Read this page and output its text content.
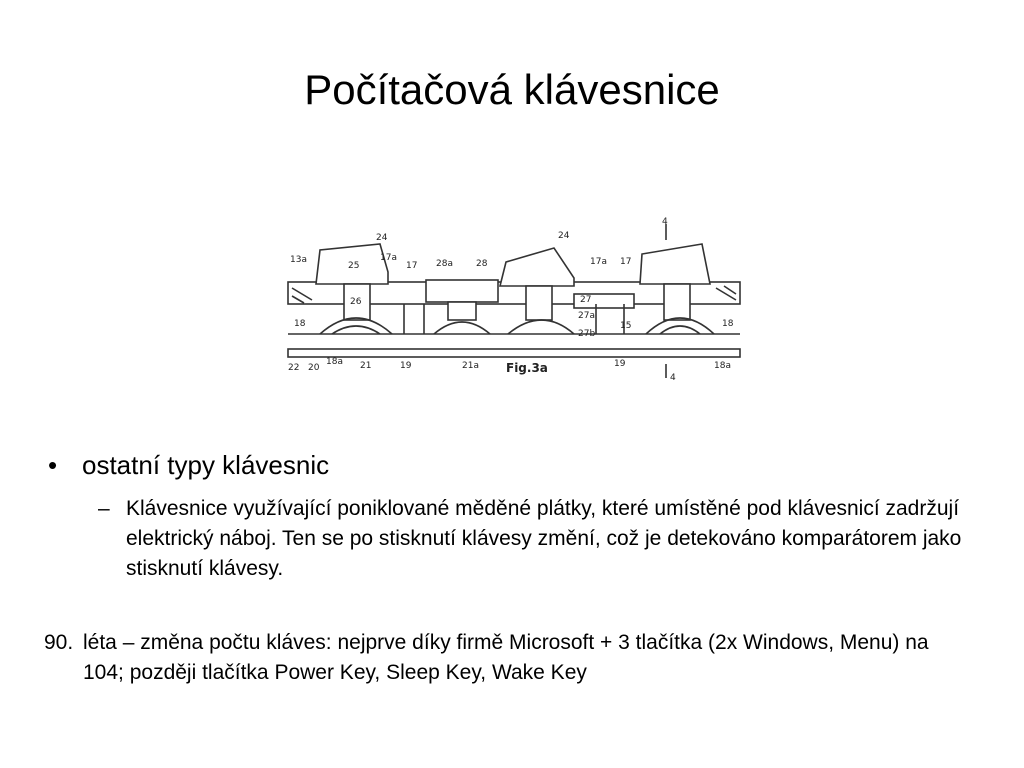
Počítačová klávesnice
24	24
4
13a
25
17a
17 28a	28	17a 17
27
27a
27b
18
26
15	18
22 20
18a 21	19	21a	19	18a
4
Fig.3a
• ostatní typy klávesnic
– Klávesnice využívající poniklované měděné plátky, které umístěné pod klávesnicí zadržují elektrický náboj. Ten se po stisknutí klávesy změní, což je detekováno komparátorem jako stisknutí klávesy.
90. léta – změna počtu kláves: nejprve díky firmě Microsoft + 3 tlačítka (2x Windows, Menu) na 104; později tlačítka Power Key, Sleep Key, Wake Key
